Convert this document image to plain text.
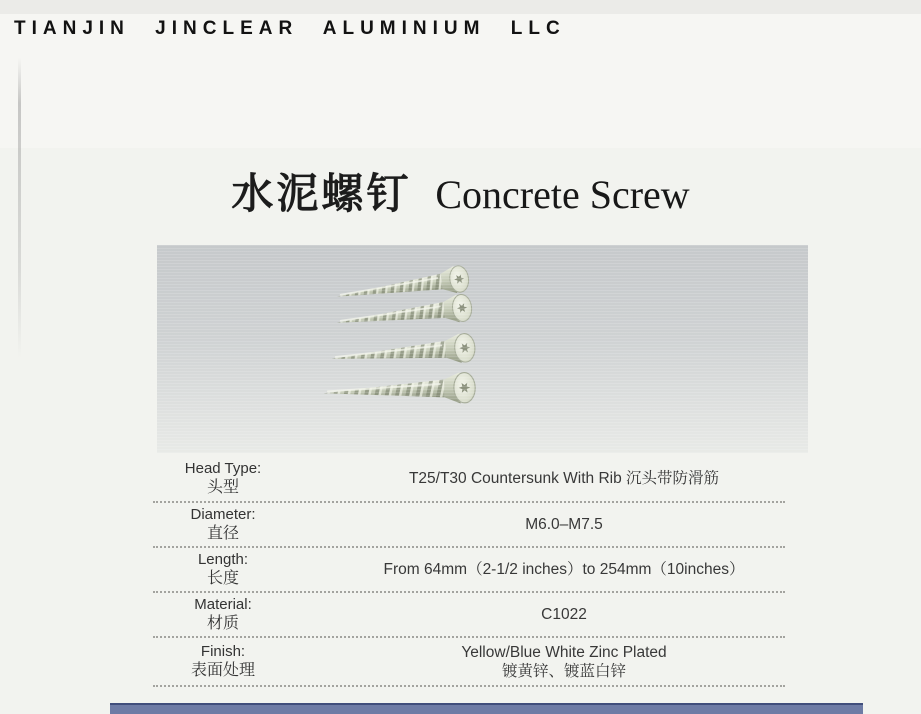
TIANJIN JINCLEAR ALUMINIUM LLC
水泥螺钉 Concrete Screw
Head Type:
头型
T25/T30 Countersunk With Rib 沉头带防滑筋
Diameter:
直径
M6.0–M7.5
Length:
长度
From 64mm（2-1/2 inches）to 254mm（10inches）
Material:
材质
C1022
Finish:
表面处理
Yellow/Blue White Zinc Plated
镀黄锌、镀蓝白锌
